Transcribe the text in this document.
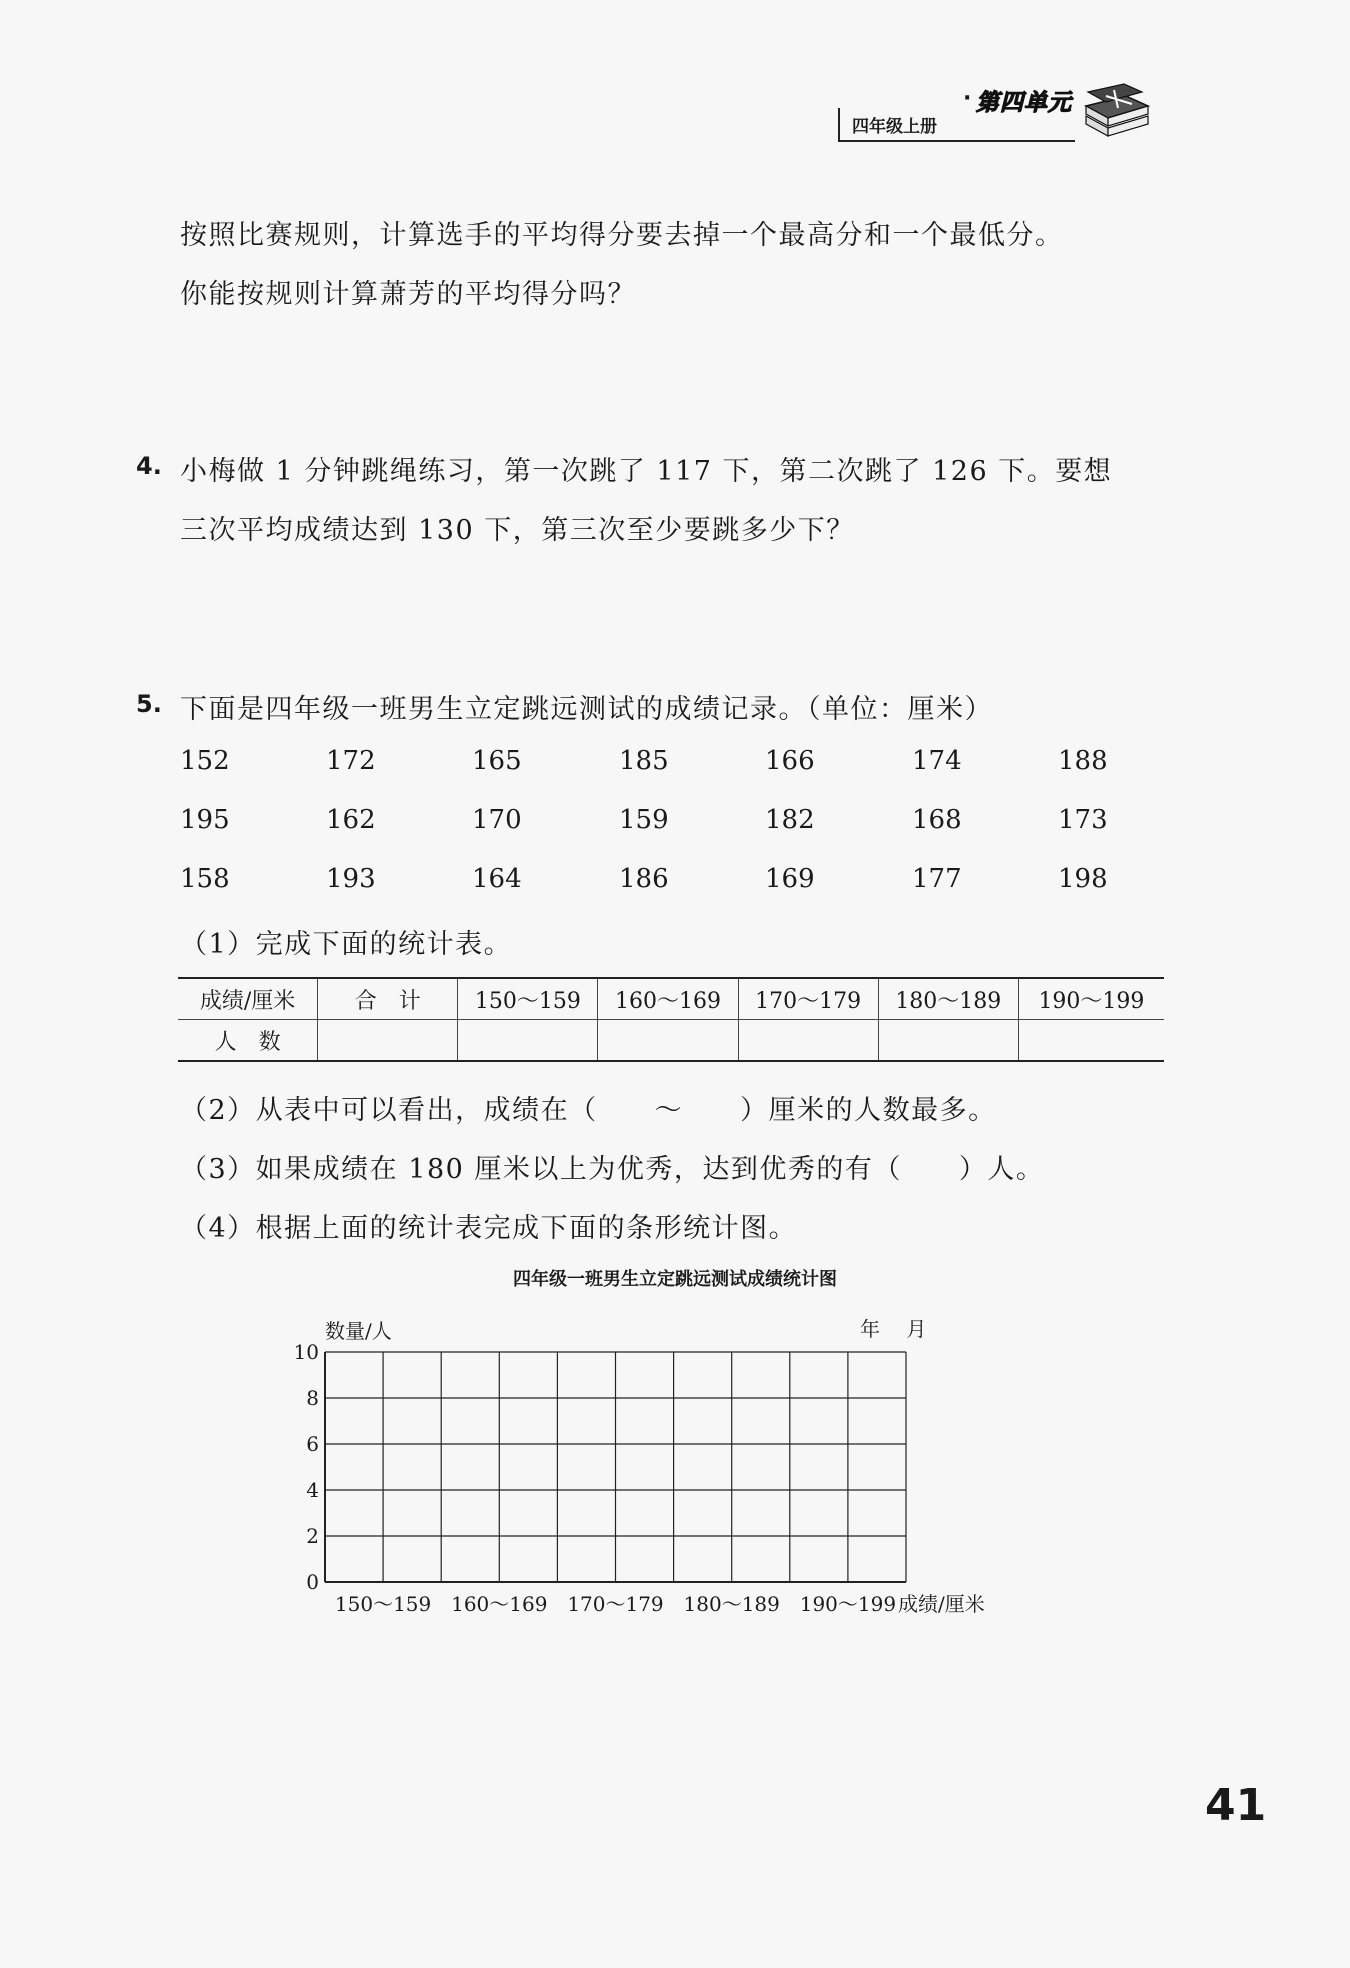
四年级上册
· 第四单元
按照比赛规则，计算选手的平均得分要去掉一个最高分和一个最低分。
你能按规则计算萧芳的平均得分吗？
4. 小梅做 1 分钟跳绳练习，第一次跳了 117 下，第二次跳了 126 下。要想
三次平均成绩达到 130 下，第三次至少要跳多少下？
5. 下面是四年级一班男生立定跳远测试的成绩记录。（单位：厘米）
152	172	165	185	166	174	188
195	162	170	159	182	168	173
158	193	164	186	169	177	198
（1）完成下面的统计表。
成绩/厘米	合　计	150～159	160～169	170～179	180～189	190～199
人　数						
（2）从表中可以看出，成绩在（　　～　　）厘米的人数最多。
（3）如果成绩在 180 厘米以上为优秀，达到优秀的有（　　）人。
（4）根据上面的统计表完成下面的条形统计图。
四年级一班男生立定跳远测试成绩统计图
0
2
4
6
8
10
150～159 160～169 170～179 180～189 190～199
数量/人
成绩/厘米
年　 月
41
